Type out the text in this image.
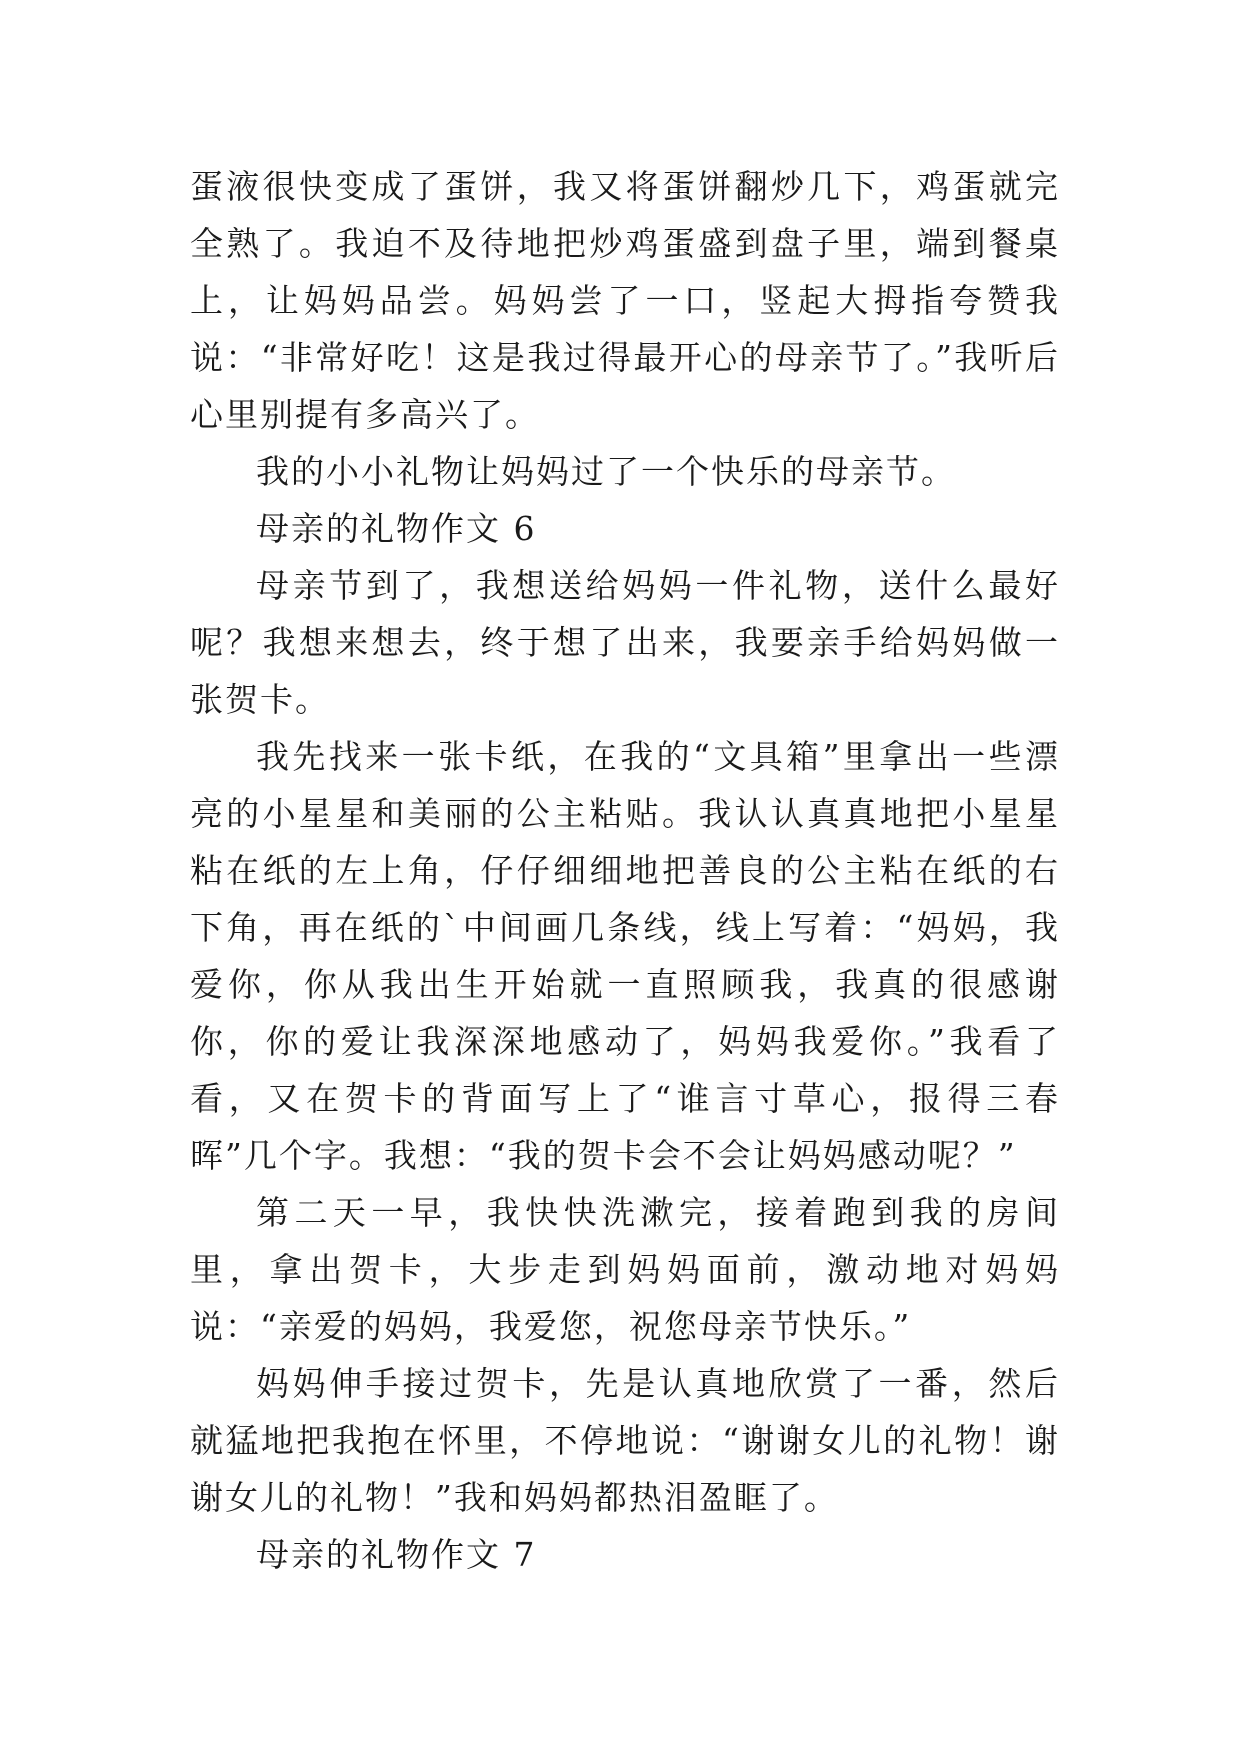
蛋液很快变成了蛋饼，我又将蛋饼翻炒几下，鸡蛋就完全熟了。我迫不及待地把炒鸡蛋盛到盘子里，端到餐桌上，让妈妈品尝。妈妈尝了一口，竖起大拇指夸赞我说：“非常好吃！这是我过得最开心的母亲节了。”我听后心里别提有多高兴了。

我的小小礼物让妈妈过了一个快乐的母亲节。

母亲的礼物作文 6

母亲节到了，我想送给妈妈一件礼物，送什么最好呢？我想来想去，终于想了出来，我要亲手给妈妈做一张贺卡。

我先找来一张卡纸，在我的“文具箱”里拿出一些漂亮的小星星和美丽的公主粘贴。我认认真真地把小星星粘在纸的左上角，仔仔细细地把善良的公主粘在纸的右下角，再在纸的`中间画几条线，线上写着：“妈妈，我爱你，你从我出生开始就一直照顾我，我真的很感谢你，你的爱让我深深地感动了，妈妈我爱你。”我看了看，又在贺卡的背面写上了“谁言寸草心，报得三春晖”几个字。我想：“我的贺卡会不会让妈妈感动呢？”

第二天一早，我快快洗漱完，接着跑到我的房间里，拿出贺卡，大步走到妈妈面前，激动地对妈妈说：“亲爱的妈妈，我爱您，祝您母亲节快乐。”

妈妈伸手接过贺卡，先是认真地欣赏了一番，然后就猛地把我抱在怀里，不停地说：“谢谢女儿的礼物！谢谢女儿的礼物！”我和妈妈都热泪盈眶了。

母亲的礼物作文 7
